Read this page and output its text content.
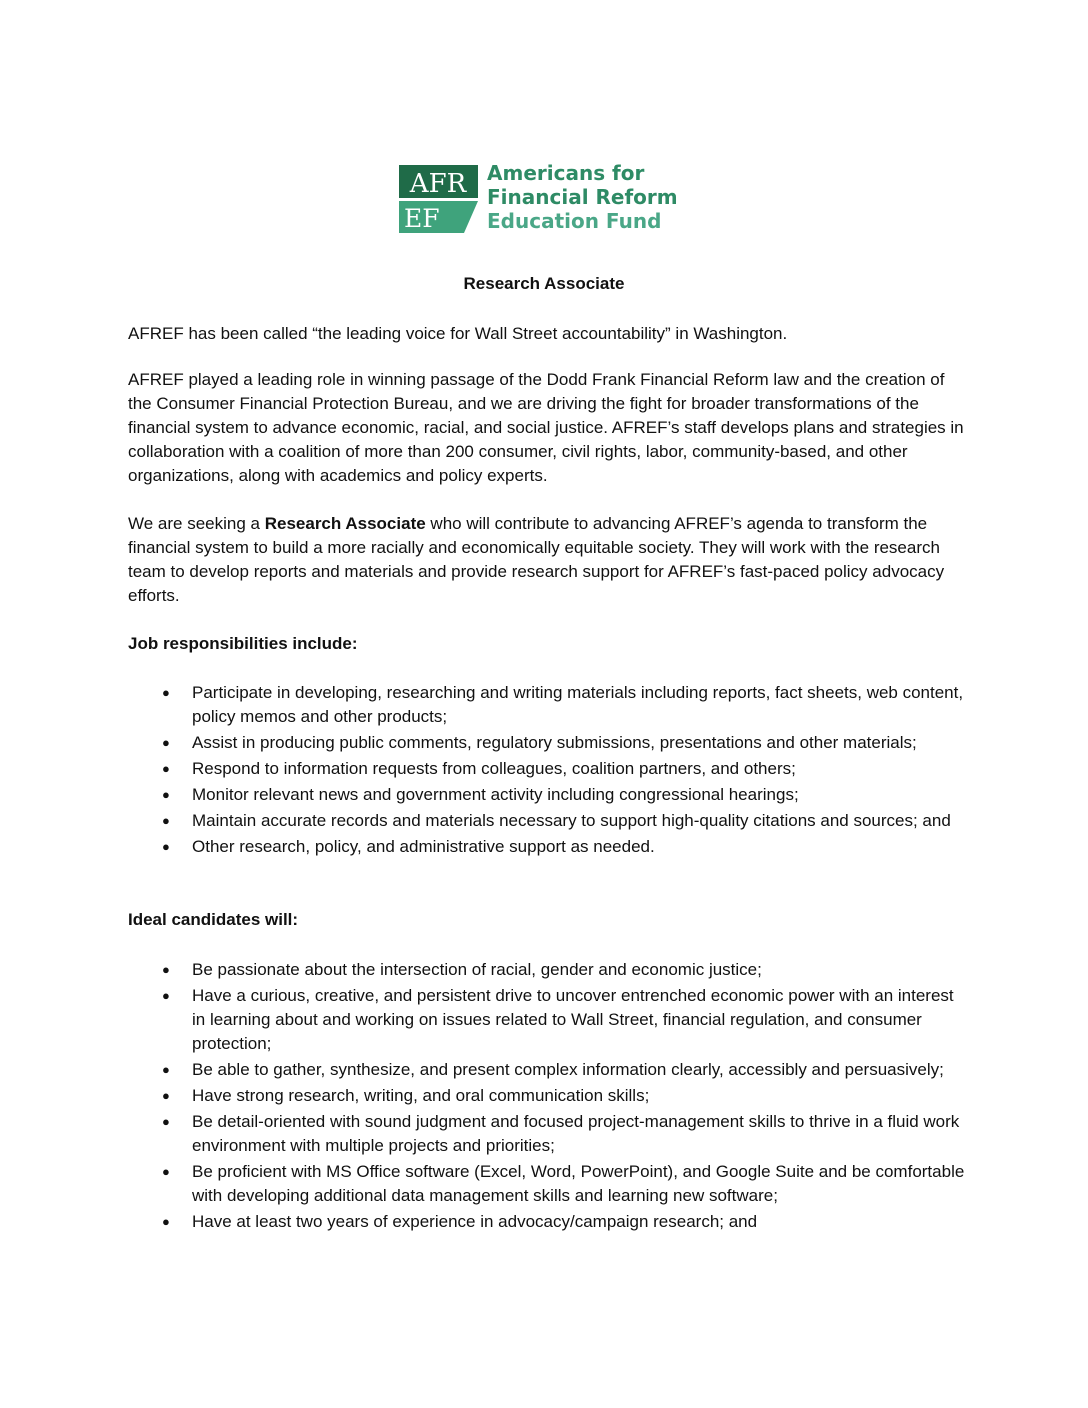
AFR
EF
Americans for
Financial Reform
Education Fund
Research Associate

AFREF has been called “the leading voice for Wall Street accountability” in Washington.

AFREF played a leading role in winning passage of the Dodd Frank Financial Reform law and the creation of the Consumer Financial Protection Bureau, and we are driving the fight for broader transformations of the financial system to advance economic, racial, and social justice. AFREF’s staff develops plans and strategies in collaboration with a coalition of more than 200 consumer, civil rights, labor, community-based, and other organizations, along with academics and policy experts.

We are seeking a Research Associate who will contribute to advancing AFREF’s agenda to transform the financial system to build a more racially and economically equitable society. They will work with the research team to develop reports and materials and provide research support for AFREF’s fast-paced policy advocacy efforts.

Job responsibilities include:

● Participate in developing, researching and writing materials including reports, fact sheets, web content, policy memos and other products;
● Assist in producing public comments, regulatory submissions, presentations and other materials;
● Respond to information requests from colleagues, coalition partners, and others;
● Monitor relevant news and government activity including congressional hearings;
● Maintain accurate records and materials necessary to support high-quality citations and sources; and
● Other research, policy, and administrative support as needed.

Ideal candidates will:

● Be passionate about the intersection of racial, gender and economic justice;
● Have a curious, creative, and persistent drive to uncover entrenched economic power with an interest in learning about and working on issues related to Wall Street, financial regulation, and consumer protection;
● Be able to gather, synthesize, and present complex information clearly, accessibly and persuasively;
● Have strong research, writing, and oral communication skills;
● Be detail-oriented with sound judgment and focused project-management skills to thrive in a fluid work environment with multiple projects and priorities;
● Be proficient with MS Office software (Excel, Word, PowerPoint), and Google Suite and be comfortable with developing additional data management skills and learning new software;
● Have at least two years of experience in advocacy/campaign research; and
